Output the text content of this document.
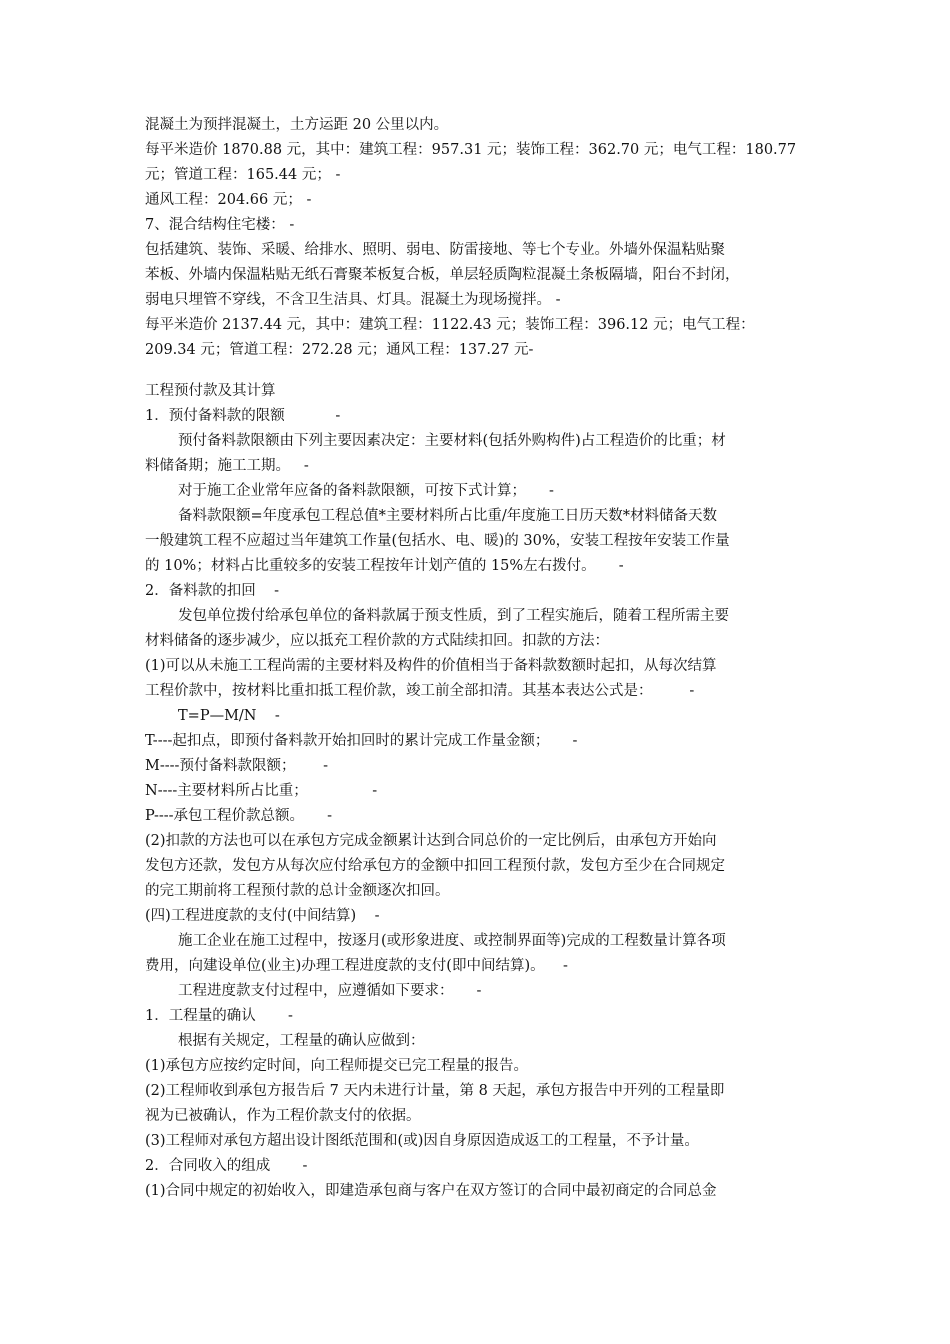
混凝土为预拌混凝土，土方运距 20 公里以内。
每平米造价 1870.88 元，其中：建筑工程：957.31 元；装饰工程：362.70 元；电气工程：180.77
元；管道工程：165.44 元； -
通风工程：204.66 元； -
7、混合结构住宅楼： -
包括建筑、装饰、采暖、给排水、照明、弱电、防雷接地、等七个专业。外墙外保温粘贴聚
苯板、外墙内保温粘贴无纸石膏聚苯板复合板，单层轻质陶粒混凝土条板隔墙，阳台不封闭，
弱电只埋管不穿线，不含卫生洁具、灯具。混凝土为现场搅拌。 -
每平米造价 2137.44 元，其中：建筑工程：1122.43 元；装饰工程：396.12 元；电气工程：
209.34 元；管道工程：272.28 元；通风工程：137.27 元-
工程预付款及其计算
1．预付备料款的限额           -
预付备料款限额由下列主要因素决定：主要材料(包括外购构件)占工程造价的比重；材
料储备期；施工工期。   -
对于施工企业常年应备的备料款限额，可按下式计算；     -
备料款限额=年度承包工程总值*主要材料所占比重/年度施工日历天数*材料储备天数
一般建筑工程不应超过当年建筑工作量(包括水、电、暖)的 30%，安装工程按年安装工作量
的 10%；材料占比重较多的安装工程按年计划产值的 15%左右拨付。     -
2．备料款的扣回    -
发包单位拨付给承包单位的备料款属于预支性质，到了工程实施后，随着工程所需主要
材料储备的逐步减少，应以抵充工程价款的方式陆续扣回。扣款的方法：
(1)可以从未施工工程尚需的主要材料及构件的价值相当于备料款数额时起扣，从每次结算
工程价款中，按材料比重扣抵工程价款，竣工前全部扣清。其基本表达公式是：        -
T=P—M/N    -
T----起扣点，即预付备料款开始扣回时的累计完成工作量金额；     -
M----预付备料款限额；      -
N----主要材料所占比重；              -
P----承包工程价款总额。     -
(2)扣款的方法也可以在承包方完成金额累计达到合同总价的一定比例后，由承包方开始向
发包方还款，发包方从每次应付给承包方的金额中扣回工程预付款，发包方至少在合同规定
的完工期前将工程预付款的总计金额逐次扣回。
(四)工程进度款的支付(中间结算)    -
施工企业在施工过程中，按逐月(或形象进度、或控制界面等)完成的工程数量计算各项
费用，向建设单位(业主)办理工程进度款的支付(即中间结算)。    -
工程进度款支付过程中，应遵循如下要求：     -
1．工程量的确认       -
根据有关规定，工程量的确认应做到：
(1)承包方应按约定时间，向工程师提交已完工程量的报告。
(2)工程师收到承包方报告后 7 天内未进行计量，第 8 天起，承包方报告中开列的工程量即
视为已被确认，作为工程价款支付的依据。
(3)工程师对承包方超出设计图纸范围和(或)因自身原因造成返工的工程量，不予计量。
2．合同收入的组成       -
(1)合同中规定的初始收入，即建造承包商与客户在双方签订的合同中最初商定的合同总金
